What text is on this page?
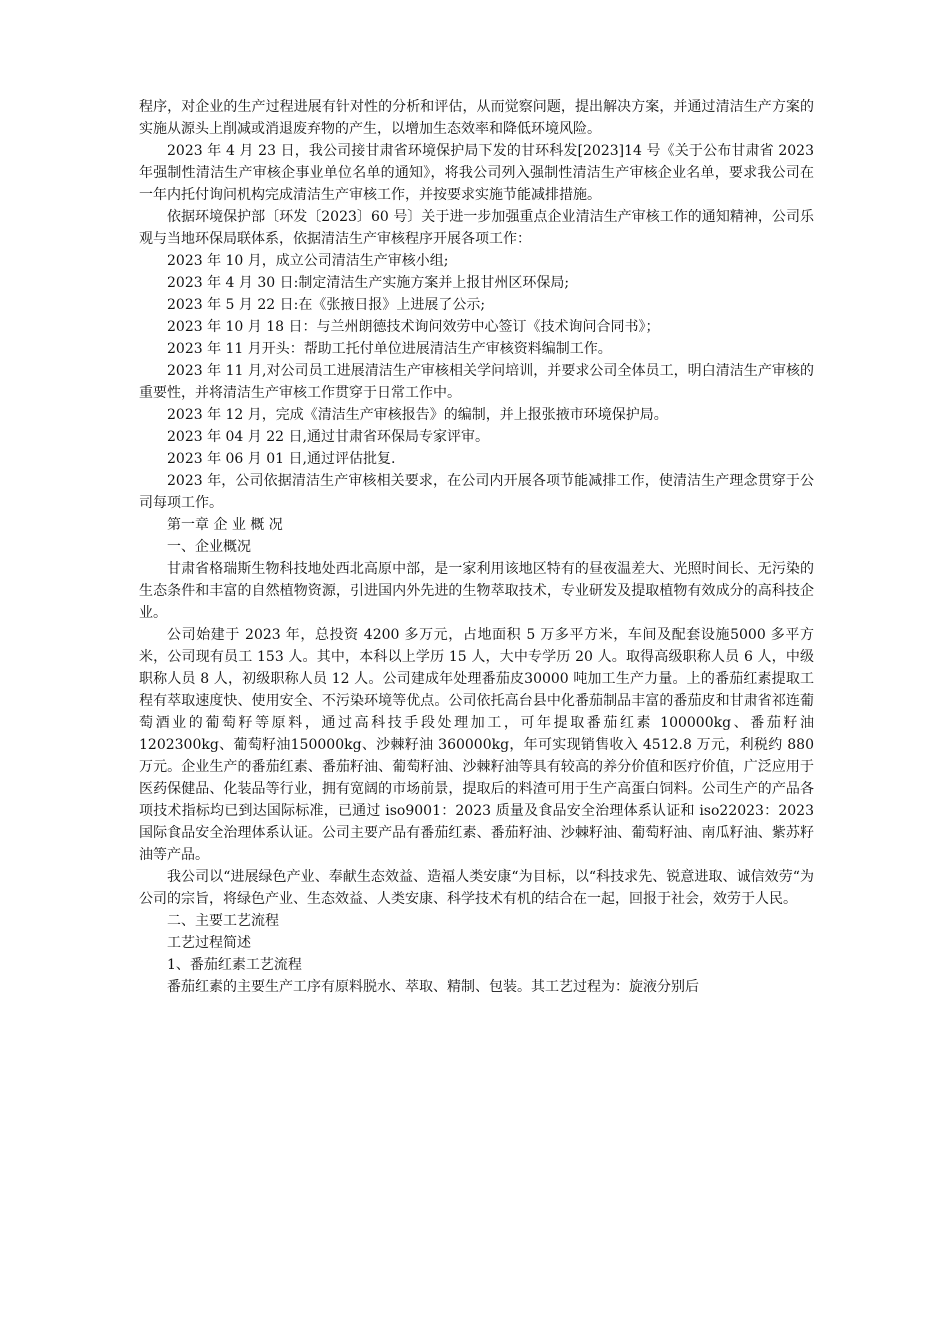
程序，对企业的生产过程进展有针对性的分析和评估，从而觉察问题，提出解决方案，并通过清洁生产方案的实施从源头上削减或消退废弃物的产生，以增加生态效率和降低环境风险。

2023 年 4 月 23 日，我公司接甘肃省环境保护局下发的甘环科发[2023]14 号《关于公布甘肃省 2023 年强制性清洁生产审核企事业单位名单的通知》，将我公司列入强制性清洁生产审核企业名单，要求我公司在一年内托付询问机构完成清洁生产审核工作，并按要求实施节能减排措施。

依据环境保护部〔环发〔2023〕60 号〕关于进一步加强重点企业清洁生产审核工作的通知精神，公司乐观与当地环保局联体系，依据清洁生产审核程序开展各项工作：

2023 年 10 月，成立公司清洁生产审核小组;

2023 年 4 月 30 日:制定清洁生产实施方案并上报甘州区环保局;

2023 年 5 月 22 日:在《张掖日报》上进展了公示;

2023 年 10 月 18 日：与兰州朗德技术询问效劳中心签订《技术询问合同书》；

2023 年 11 月开头：帮助工托付单位进展清洁生产审核资料编制工作。

2023 年 11 月,对公司员工进展清洁生产审核相关学问培训，并要求公司全体员工，明白清洁生产审核的重要性，并将清洁生产审核工作贯穿于日常工作中。

2023 年 12 月，完成《清洁生产审核报告》的编制，并上报张掖市环境保护局。

2023 年 04 月 22 日,通过甘肃省环保局专家评审。

2023 年 06 月 01 日,通过评估批复.

2023 年，公司依据清洁生产审核相关要求，在公司内开展各项节能减排工作，使清洁生产理念贯穿于公司每项工作。

第一章 企 业 概 况

一、企业概况

甘肃省格瑞斯生物科技地处西北高原中部，是一家利用该地区特有的昼夜温差大、光照时间长、无污染的生态条件和丰富的自然植物资源，引进国内外先进的生物萃取技术，专业研发及提取植物有效成分的高科技企业。

公司始建于 2023 年，总投资 4200 多万元，占地面积 5 万多平方米，车间及配套设施5000 多平方米，公司现有员工 153 人。其中，本科以上学历 15 人，大中专学历 20 人。取得高级职称人员 6 人，中级职称人员 8 人，初级职称人员 12 人。公司建成年处理番茄皮30000 吨加工生产力量。上的番茄红素提取工程有萃取速度快、使用安全、不污染环境等优点。公司依托高台县中化番茄制品丰富的番茄皮和甘肃省祁连葡萄酒业的葡萄籽等原料，通过高科技手段处理加工，可年提取番茄红素 100000kg、番茄籽油 1202300kg、葡萄籽油150000kg、沙棘籽油 360000kg，年可实现销售收入 4512.8 万元，利税约 880 万元。企业生产的番茄红素、番茄籽油、葡萄籽油、沙棘籽油等具有较高的养分价值和医疗价值，广泛应用于医药保健品、化装品等行业，拥有宽阔的市场前景，提取后的料渣可用于生产高蛋白饲料。公司生产的产品各项技术指标均已到达国际标准，已通过 iso9001：2023 质量及食品安全治理体系认证和 iso22023：2023 国际食品安全治理体系认证。公司主要产品有番茄红素、番茄籽油、沙棘籽油、葡萄籽油、南瓜籽油、紫苏籽油等产品。

我公司以“进展绿色产业、奉献生态效益、造福人类安康“为目标，以“科技求先、锐意进取、诚信效劳“为公司的宗旨，将绿色产业、生态效益、人类安康、科学技术有机的结合在一起，回报于社会，效劳于人民。

二、主要工艺流程

工艺过程简述

1、番茄红素工艺流程

番茄红素的主要生产工序有原料脱水、萃取、精制、包装。其工艺过程为：旋液分别后
